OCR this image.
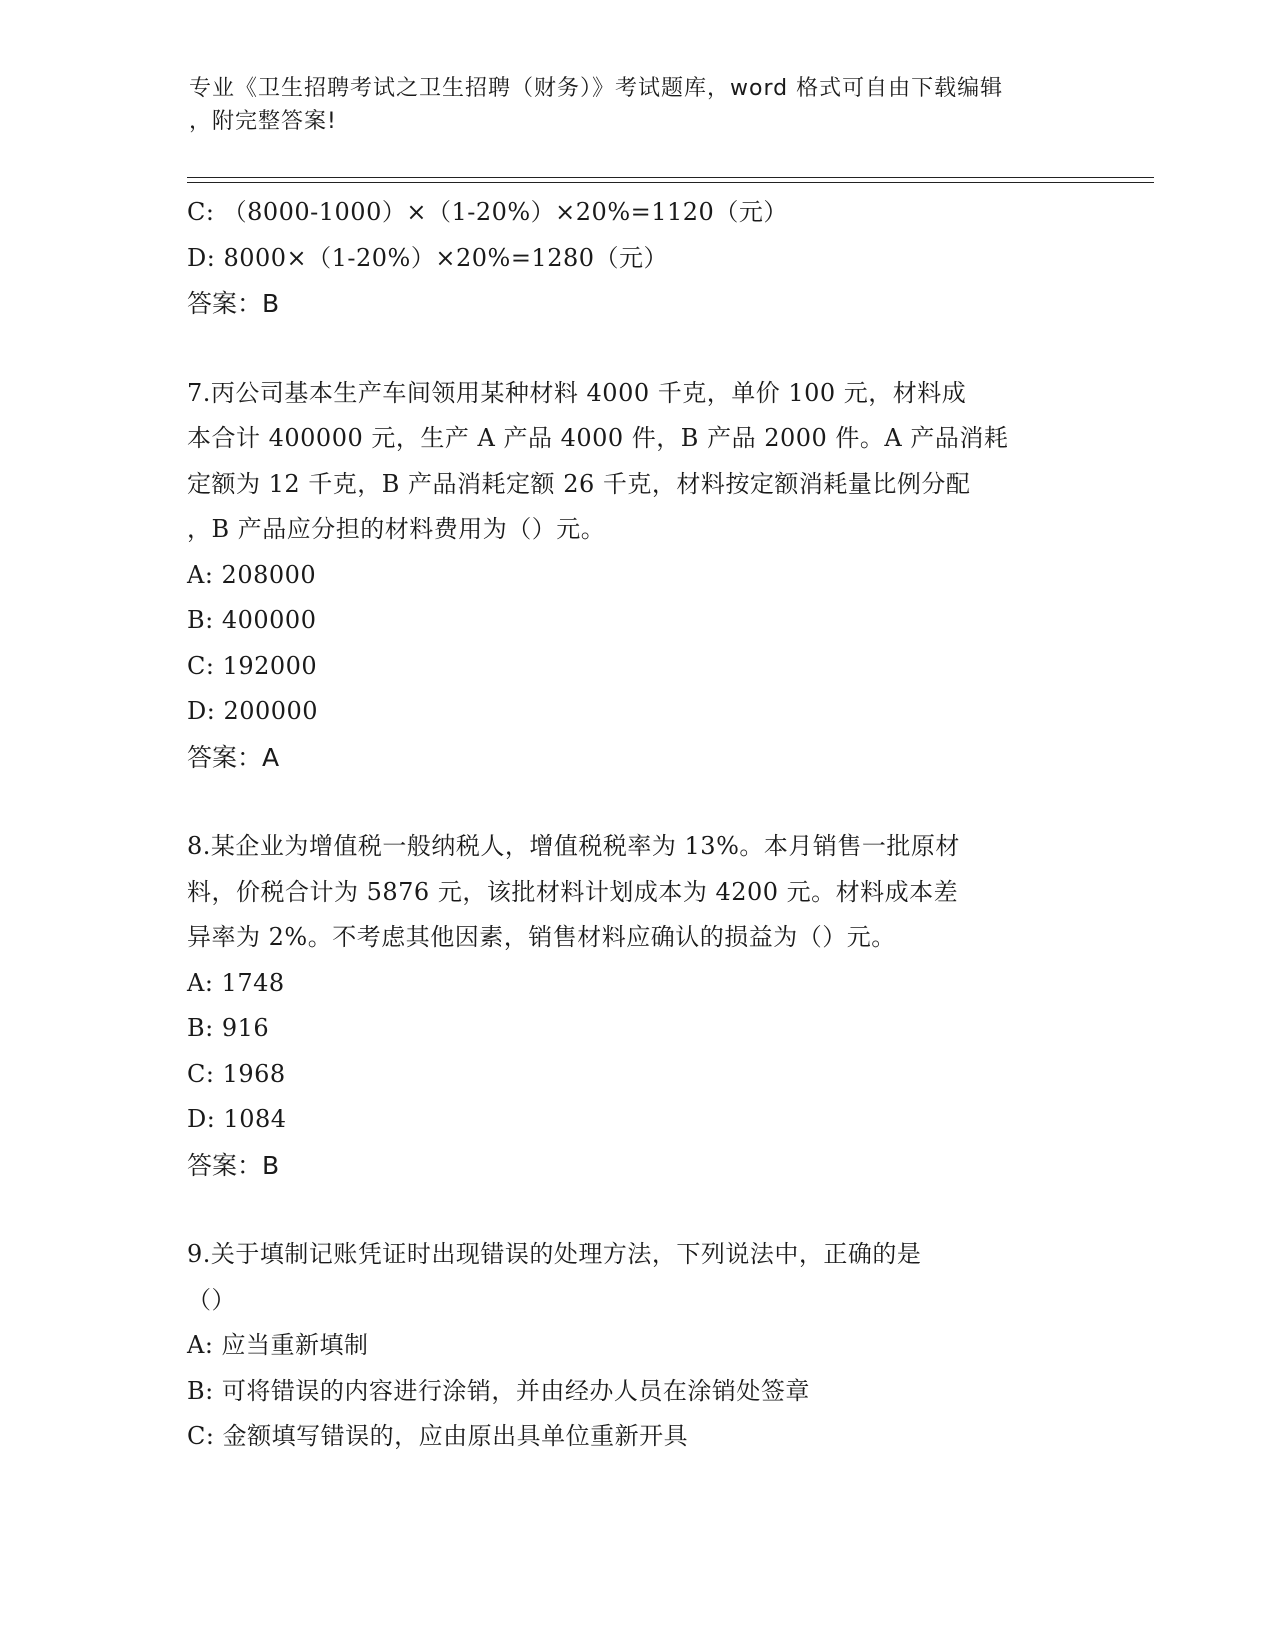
专业《卫生招聘考试之卫生招聘（财务）》考试题库，word 格式可自由下载编辑
，附完整答案!
C: （8000-1000）×（1-20%）×20%=1120（元）
D: 8000×（1-20%）×20%=1280（元）
答案：B
7.丙公司基本生产车间领用某种材料 4000 千克，单价 100 元，材料成
本合计 400000 元，生产 A 产品 4000 件，B 产品 2000 件。A 产品消耗
定额为 12 千克，B 产品消耗定额 26 千克，材料按定额消耗量比例分配
，B 产品应分担的材料费用为（）元。
A: 208000
B: 400000
C: 192000
D: 200000
答案：A
8.某企业为增值税一般纳税人，增值税税率为 13%。本月销售一批原材
料，价税合计为 5876 元，该批材料计划成本为 4200 元。材料成本差
异率为 2%。不考虑其他因素，销售材料应确认的损益为（）元。
A: 1748
B: 916
C: 1968
D: 1084
答案：B
9.关于填制记账凭证时出现错误的处理方法，下列说法中，正确的是
（）
A: 应当重新填制
B: 可将错误的内容进行涂销，并由经办人员在涂销处签章
C: 金额填写错误的，应由原出具单位重新开具
